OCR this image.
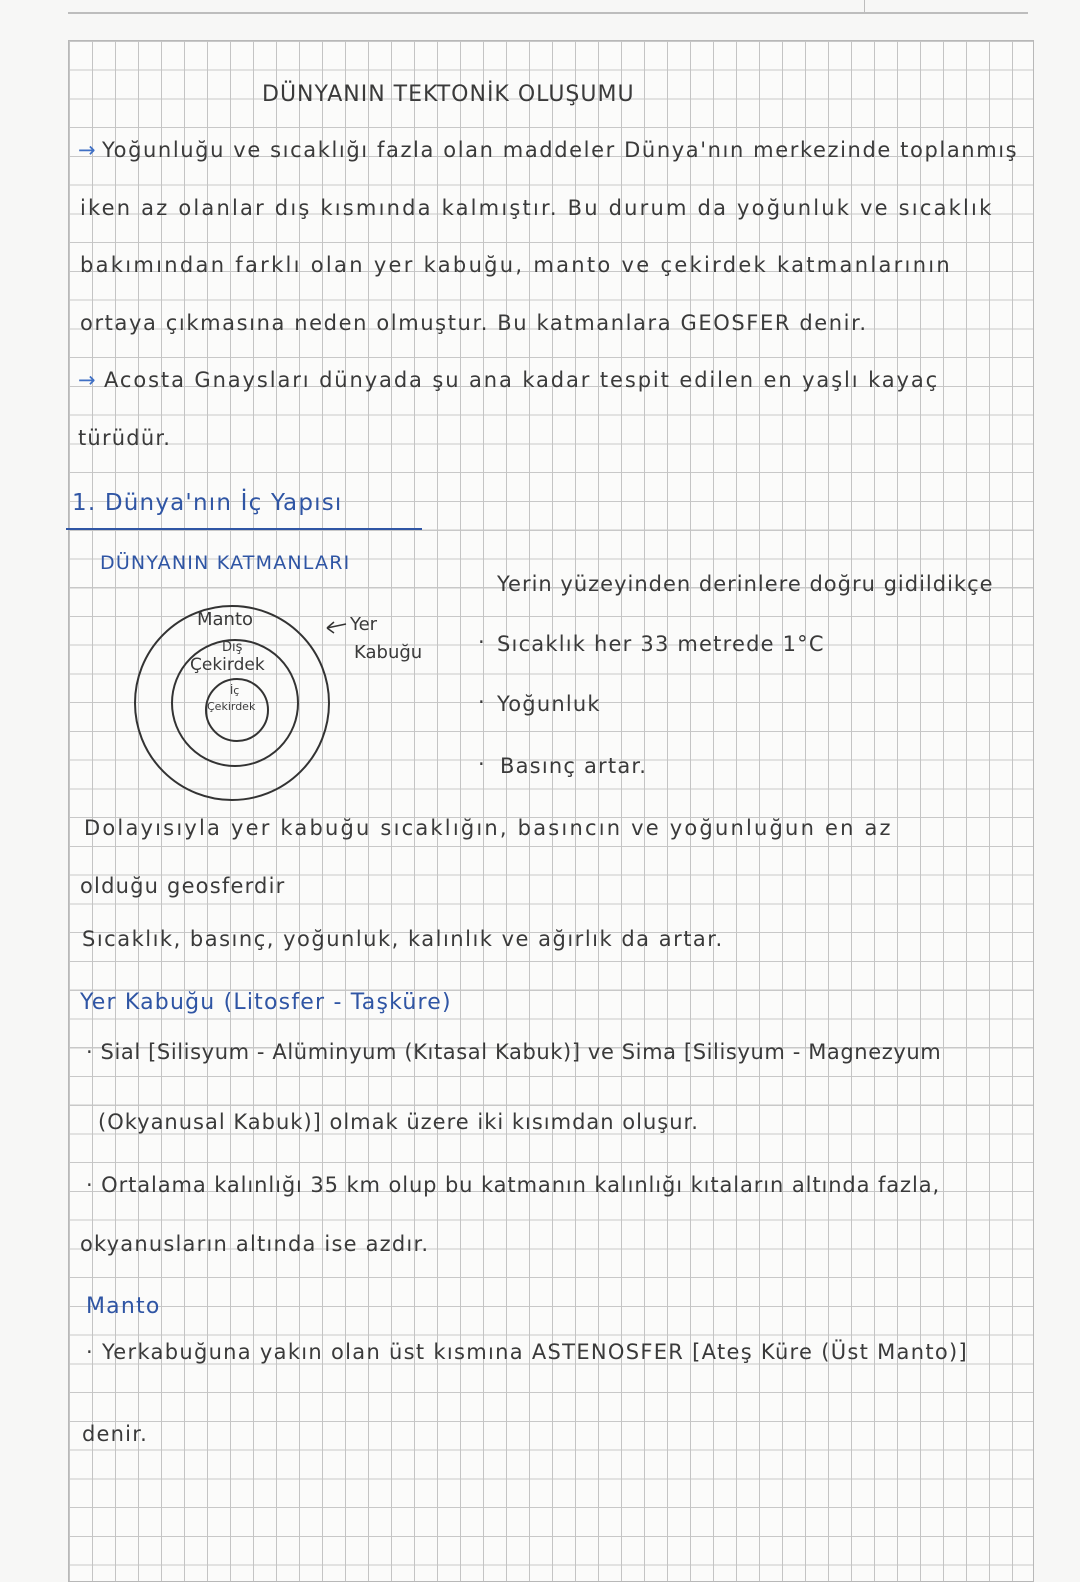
DÜNYANIN TEKTONİK OLUŞUMU
→ Yoğunluğu ve sıcaklığı fazla olan maddeler Dünya'nın merkezinde toplanmış
iken az olanlar dış kısmında kalmıştır. Bu durum da yoğunluk ve sıcaklık
bakımından farklı olan yer kabuğu, manto ve çekirdek katmanlarının
ortaya çıkmasına neden olmuştur. Bu katmanlara GEOSFER denir.
→ Acosta Gnaysları dünyada şu ana kadar tespit edilen en yaşlı kayaç
türüdür.
1. Dünya'nın İç Yapısı
DÜNYANIN KATMANLARI
Manto
Dış
Çekirdek
İç
Çekirdek
Yer
Kabuğu
Yerin yüzeyinden derinlere doğru gidildikçe
· Sıcaklık her 33 metrede 1°C
· Yoğunluk
· Basınç artar.
Dolayısıyla yer kabuğu sıcaklığın, basıncın ve yoğunluğun en az
olduğu geosferdir
Sıcaklık, basınç, yoğunluk, kalınlık ve ağırlık da artar.
Yer Kabuğu (Litosfer - Taşküre)
· Sial [Silisyum - Alüminyum (Kıtasal Kabuk)] ve Sima [Silisyum - Magnezyum
(Okyanusal Kabuk)] olmak üzere iki kısımdan oluşur.
· Ortalama kalınlığı 35 km olup bu katmanın kalınlığı kıtaların altında fazla,
okyanusların altında ise azdır.
Manto
· Yerkabuğuna yakın olan üst kısmına ASTENOSFER [Ateş Küre (Üst Manto)]
denir.
